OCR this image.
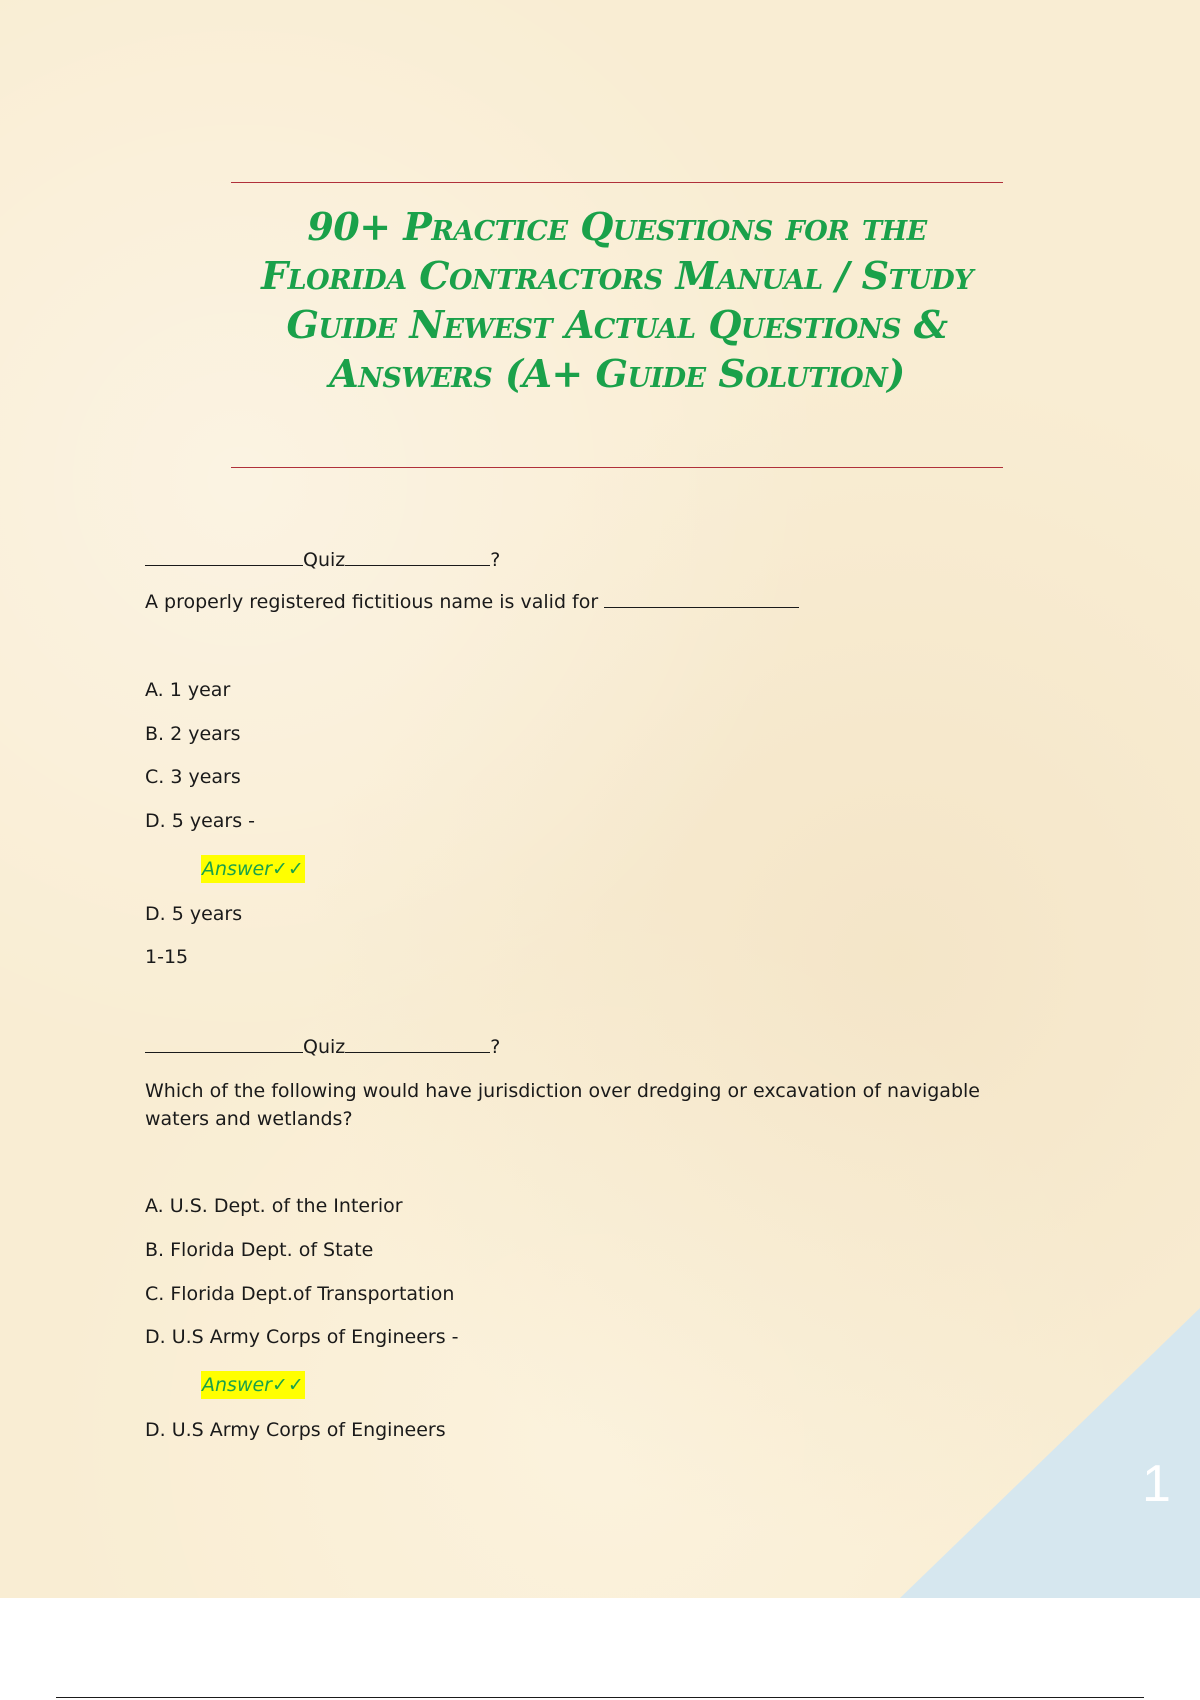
1
90+ Practice Questions for the Florida Contractors Manual / Study Guide Newest Actual Questions & Answers (A+ Guide Solution)
Quiz	?
A properly registered fictitious name is valid for
A. 1 year
B. 2 years
C. 3 years
D. 5 years -
Answer✓✓
D. 5 years
1-15
Quiz	?
Which of the following would have jurisdiction over dredging or excavation of navigable waters and wetlands?
A. U.S. Dept. of the Interior
B. Florida Dept. of State
C. Florida Dept.of Transportation
D. U.S Army Corps of Engineers -
Answer✓✓
D. U.S Army Corps of Engineers
